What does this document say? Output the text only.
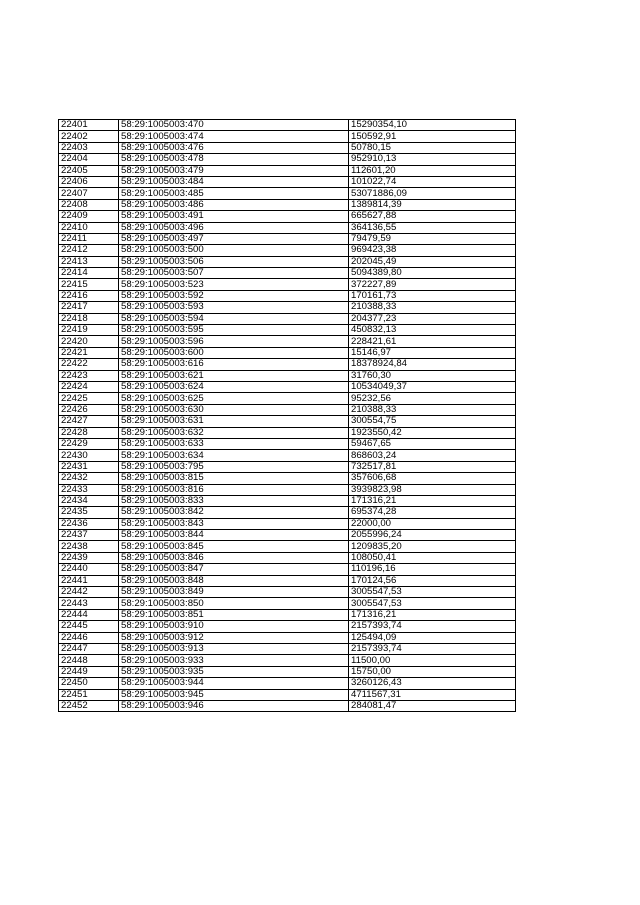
22401	58:29:1005003:470	15290354,10
22402	58:29:1005003:474	150592,91
22403	58:29:1005003:476	50780,15
22404	58:29:1005003:478	952910,13
22405	58:29:1005003:479	112601,20
22406	58:29:1005003:484	101022,74
22407	58:29:1005003:485	53071886,09
22408	58:29:1005003:486	1389814,39
22409	58:29:1005003:491	665627,88
22410	58:29:1005003:496	364136,55
22411	58:29:1005003:497	79479,59
22412	58:29:1005003:500	969423,38
22413	58:29:1005003:506	202045,49
22414	58:29:1005003:507	5094389,80
22415	58:29:1005003:523	372227,89
22416	58:29:1005003:592	170161,73
22417	58:29:1005003:593	210388,33
22418	58:29:1005003:594	204377,23
22419	58:29:1005003:595	450832,13
22420	58:29:1005003:596	228421,61
22421	58:29:1005003:600	15146,97
22422	58:29:1005003:616	18378924,84
22423	58:29:1005003:621	31760,30
22424	58:29:1005003:624	10534049,37
22425	58:29:1005003:625	95232,56
22426	58:29:1005003:630	210388,33
22427	58:29:1005003:631	300554,75
22428	58:29:1005003:632	1923550,42
22429	58:29:1005003:633	59467,65
22430	58:29:1005003:634	868603,24
22431	58:29:1005003:795	732517,81
22432	58:29:1005003:815	357606,68
22433	58:29:1005003:816	3939823,98
22434	58:29:1005003:833	171316,21
22435	58:29:1005003:842	695374,28
22436	58:29:1005003:843	22000,00
22437	58:29:1005003:844	2055996,24
22438	58:29:1005003:845	1209835,20
22439	58:29:1005003:846	108050,41
22440	58:29:1005003:847	110196,16
22441	58:29:1005003:848	170124,56
22442	58:29:1005003:849	3005547,53
22443	58:29:1005003:850	3005547,53
22444	58:29:1005003:851	171316,21
22445	58:29:1005003:910	2157393,74
22446	58:29:1005003:912	125494,09
22447	58:29:1005003:913	2157393,74
22448	58:29:1005003:933	11500,00
22449	58:29:1005003:935	15750,00
22450	58:29:1005003:944	3260126,43
22451	58:29:1005003:945	4711567,31
22452	58:29:1005003:946	284081,47
